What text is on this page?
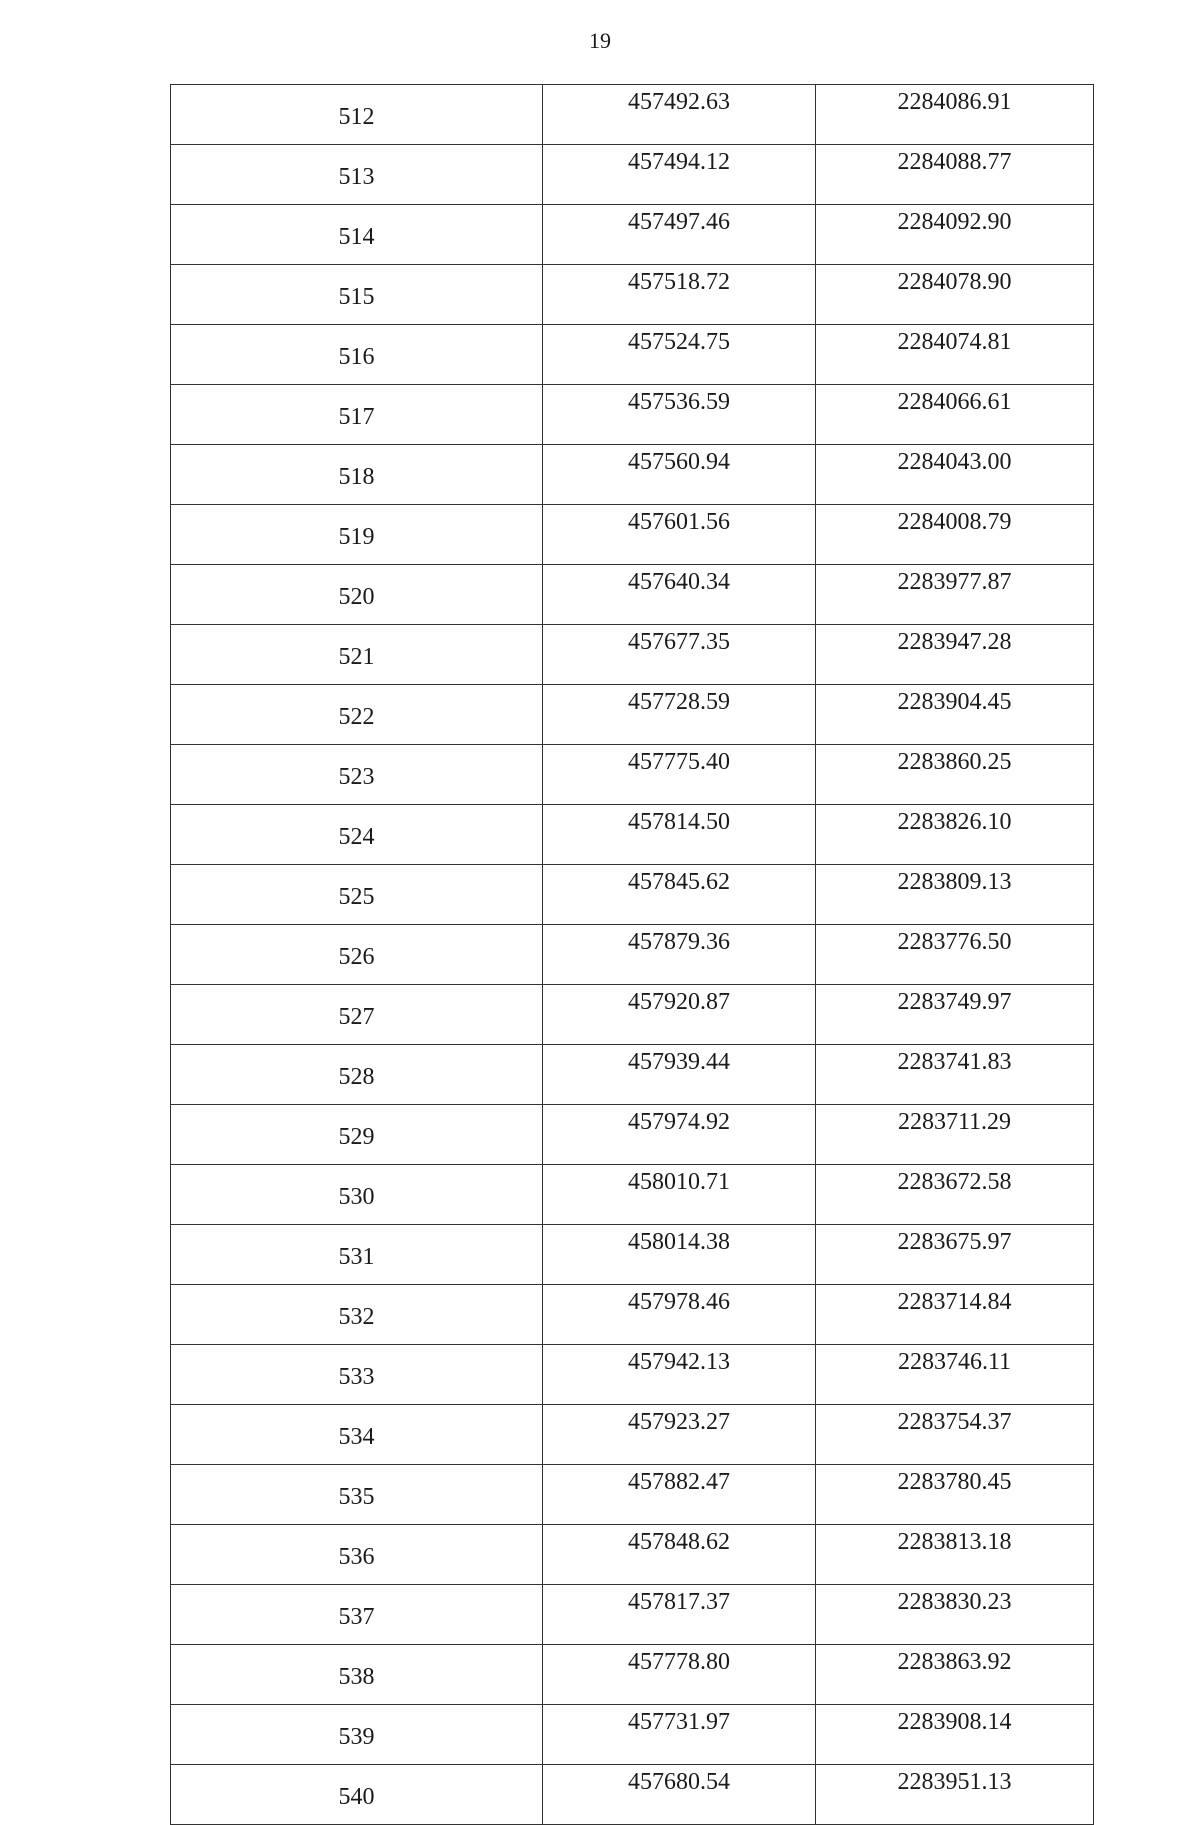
19
512	457492.63	2284086.91
513	457494.12	2284088.77
514	457497.46	2284092.90
515	457518.72	2284078.90
516	457524.75	2284074.81
517	457536.59	2284066.61
518	457560.94	2284043.00
519	457601.56	2284008.79
520	457640.34	2283977.87
521	457677.35	2283947.28
522	457728.59	2283904.45
523	457775.40	2283860.25
524	457814.50	2283826.10
525	457845.62	2283809.13
526	457879.36	2283776.50
527	457920.87	2283749.97
528	457939.44	2283741.83
529	457974.92	2283711.29
530	458010.71	2283672.58
531	458014.38	2283675.97
532	457978.46	2283714.84
533	457942.13	2283746.11
534	457923.27	2283754.37
535	457882.47	2283780.45
536	457848.62	2283813.18
537	457817.37	2283830.23
538	457778.80	2283863.92
539	457731.97	2283908.14
540	457680.54	2283951.13
